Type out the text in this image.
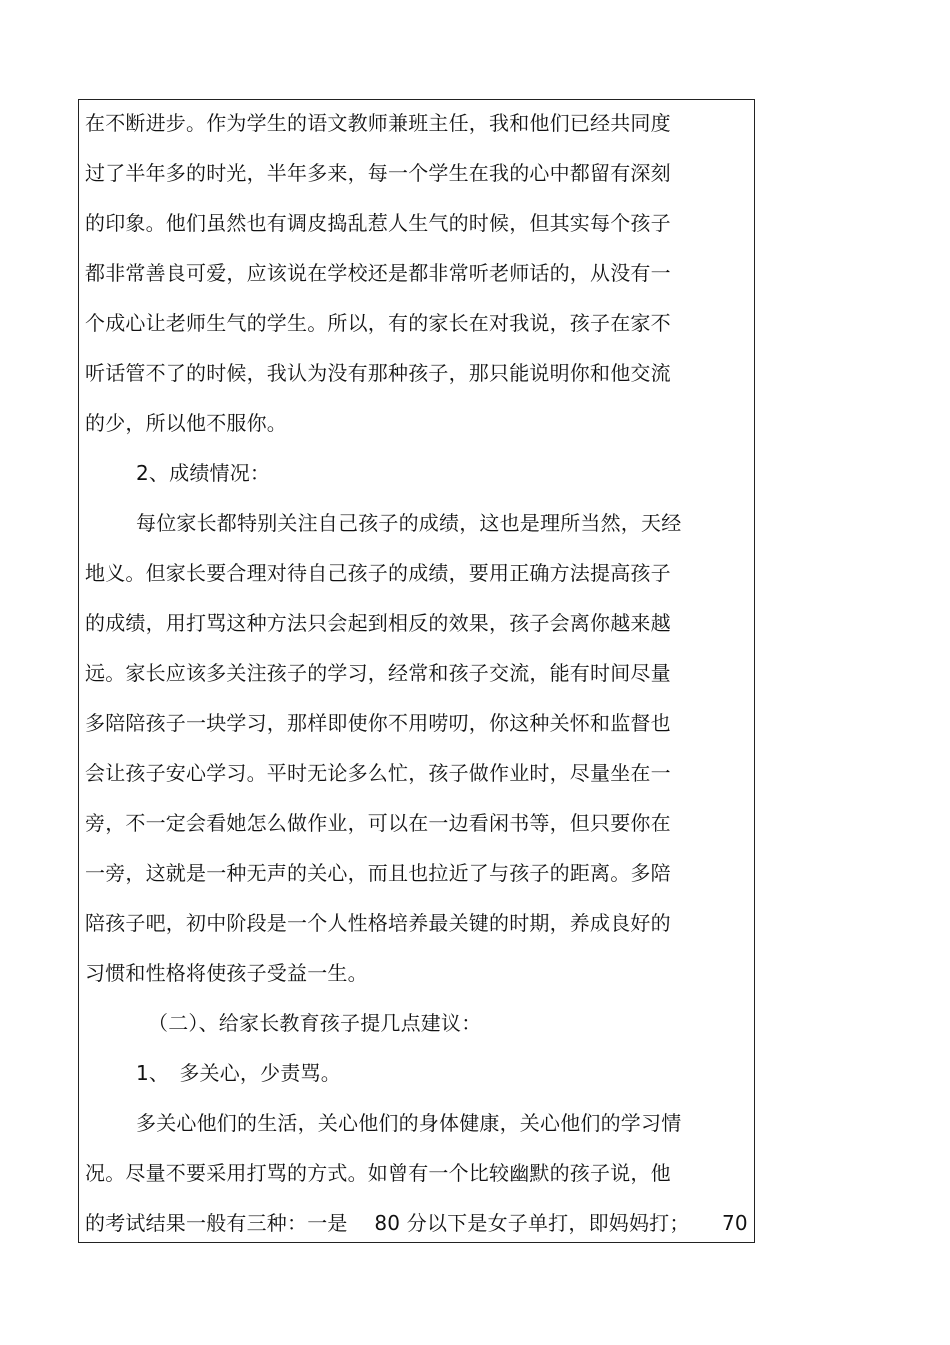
在不断进步。作为学生的语文教师兼班主任，我和他们已经共同度
过了半年多的时光，半年多来，每一个学生在我的心中都留有深刻
的印象。他们虽然也有调皮捣乱惹人生气的时候，但其实每个孩子
都非常善良可爱，应该说在学校还是都非常听老师话的，从没有一
个成心让老师生气的学生。所以，有的家长在对我说，孩子在家不
听话管不了的时候，我认为没有那种孩子，那只能说明你和他交流
的少，所以他不服你。
2、成绩情况：
每位家长都特别关注自己孩子的成绩，这也是理所当然，天经
地义。但家长要合理对待自己孩子的成绩，要用正确方法提高孩子
的成绩，用打骂这种方法只会起到相反的效果，孩子会离你越来越
远。家长应该多关注孩子的学习，经常和孩子交流，能有时间尽量
多陪陪孩子一块学习，那样即使你不用唠叨，你这种关怀和监督也
会让孩子安心学习。平时无论多么忙，孩子做作业时，尽量坐在一
旁，不一定会看她怎么做作业，可以在一边看闲书等，但只要你在
一旁，这就是一种无声的关心，而且也拉近了与孩子的距离。多陪
陪孩子吧，初中阶段是一个人性格培养最关键的时期，养成良好的
习惯和性格将使孩子受益一生。
（二）、给家长教育孩子提几点建议：
1、　多关心，少责骂。
多关心他们的生活，关心他们的身体健康，关心他们的学习情
况。尽量不要采用打骂的方式。如曾有一个比较幽默的孩子说，他
的考试结果一般有三种：一是　 80 分以下是女子单打，即妈妈打； 70
